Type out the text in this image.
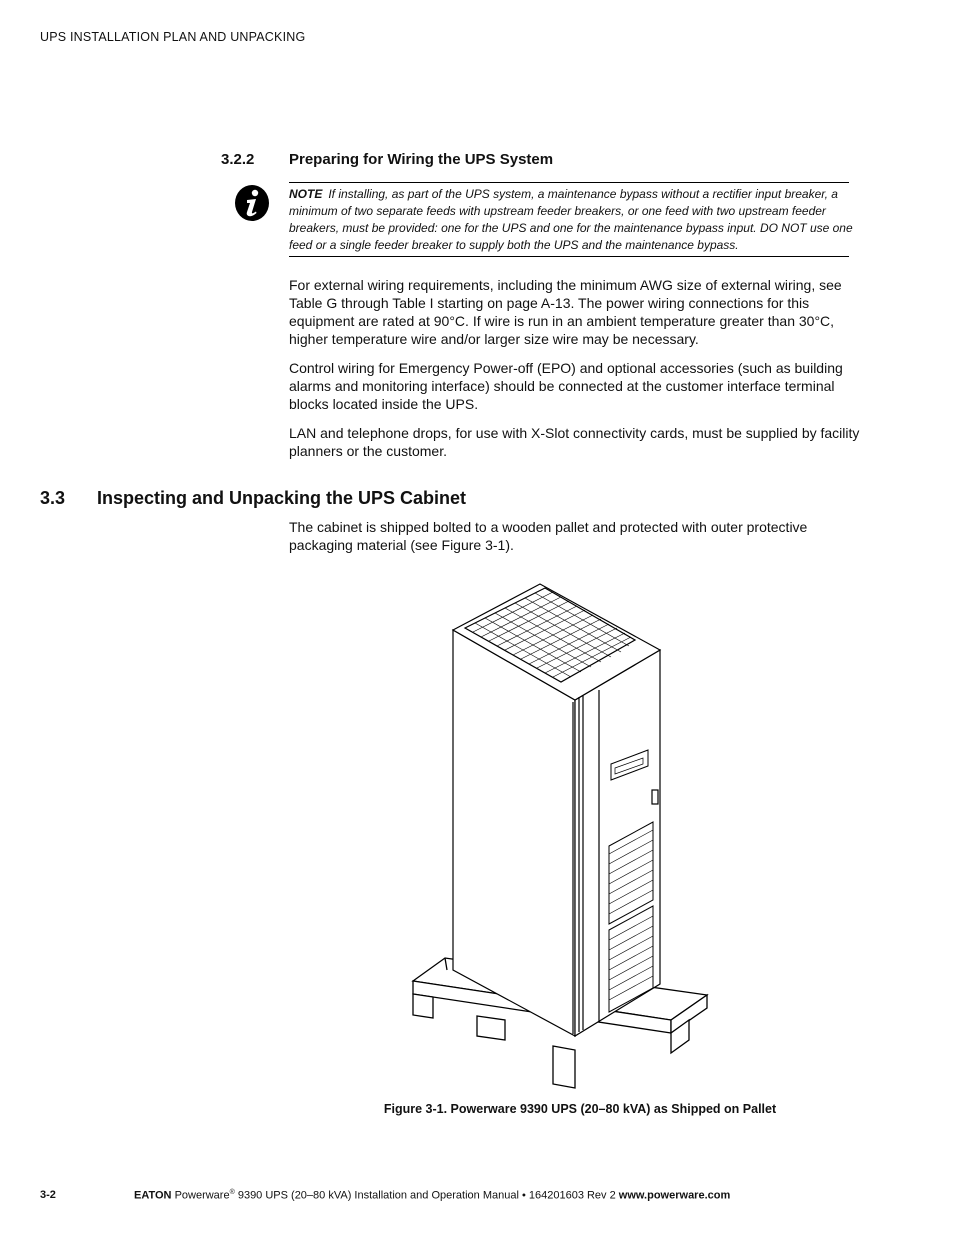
UPS INSTALLATION PLAN AND UNPACKING
3.2.2 Preparing for Wiring the UPS System
NOTE If installing, as part of the UPS system, a maintenance bypass without a rectifier input breaker, a minimum of two separate feeds with upstream feeder breakers, or one feed with two upstream feeder breakers, must be provided: one for the UPS and one for the maintenance bypass input. DO NOT use one feed or a single feeder breaker to supply both the UPS and the maintenance bypass.
For external wiring requirements, including the minimum AWG size of external wiring, see Table G through Table I starting on page A-13. The power wiring connections for this equipment are rated at 90°C. If wire is run in an ambient temperature greater than 30°C, higher temperature wire and/or larger size wire may be necessary.
Control wiring for Emergency Power-off (EPO) and optional accessories (such as building alarms and monitoring interface) should be connected at the customer interface terminal blocks located inside the UPS.
LAN and telephone drops, for use with X-Slot connectivity cards, must be supplied by facility planners or the customer.
3.3 Inspecting and Unpacking the UPS Cabinet
The cabinet is shipped bolted to a wooden pallet and protected with outer protective packaging material (see Figure 3-1).
Figure 3-1. Powerware 9390 UPS (20–80 kVA) as Shipped on Pallet
3-2	EATON Powerware® 9390 UPS (20–80 kVA) Installation and Operation Manual • 164201603 Rev 2 www.powerware.com
